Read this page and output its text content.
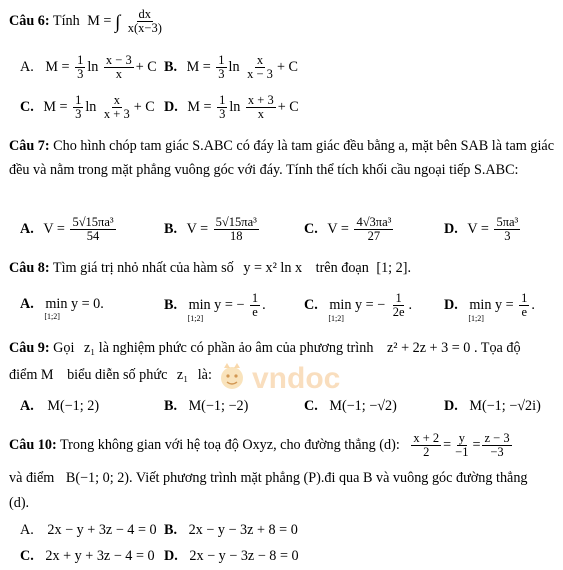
Câu 6: Tính M = ∫ $\frac{dx}{x(x-3)}$
A. $M = \frac{1}{3}$ $\ln \frac{x - 3}{x} + C$ B. $M = \frac{1}{3}$ $\ln \frac{x}{x - 3} + C$
C. $M = \frac{1}{3}$ $\ln \frac{x}{x + 3} + C$ D. $M = \frac{1}{3}$ $\ln \frac{x + 3}{x} + C$
Câu 7: Cho hình chóp tam giác S.ABC có đáy là tam giác đều bằng a, mặt bên SAB là tam giác đều và nằm trong mặt phẳng vuông góc với đáy. Tính thể tích khối cầu ngoại tiếp S.ABC:
A. $V = \frac{\text{5√15πa³}}{54}$	B. $V = \frac{\text{5√15πa³}}{18}$	C. $V = \frac{\text{4√3πa³}}{27}$	D. $V = \frac{\text{5πa³}}{3}$
Câu 8: Tìm giá trị nhỏ nhất của hàm số y = x² ln x trên đoạn [1; 2].
A. min y = 0.
[1;2]
B. min y = −
[1;2]	$\frac{1}{e}$ .	C. min y = −
[1;2]	$\frac{1}{2e}$ . D. min y =
[1;2]	$\frac{1}{e}$ .
Câu 9: Gọi z₁ là nghiệm phức có phần ảo âm của phương trình z² + 2z + 3 = 0 . Tọa độ
điểm M biểu diễn số phức z₁ là: vndoc
A. M(−1; 2)	B. M(−1; −2)	C. M(−1; −√2)	D. M(−1; −√2i)
Câu 10: Trong không gian với hệ toạ độ Oxyz, cho đường thẳng (d): $\frac{x + 2}{2} = \frac{y}{-1} = \frac{z - 3}{-3}$
và điểm B(−1; 0; 2). Viết phương trình mặt phẳng (P).đi qua B và vuông góc đường thẳng
(d).
A. 2x − y + 3z − 4 = 0 B. 2x − y − 3z + 8 = 0
C. 2x + y + 3z − 4 = 0 D. 2x − y − 3z − 8 = 0
